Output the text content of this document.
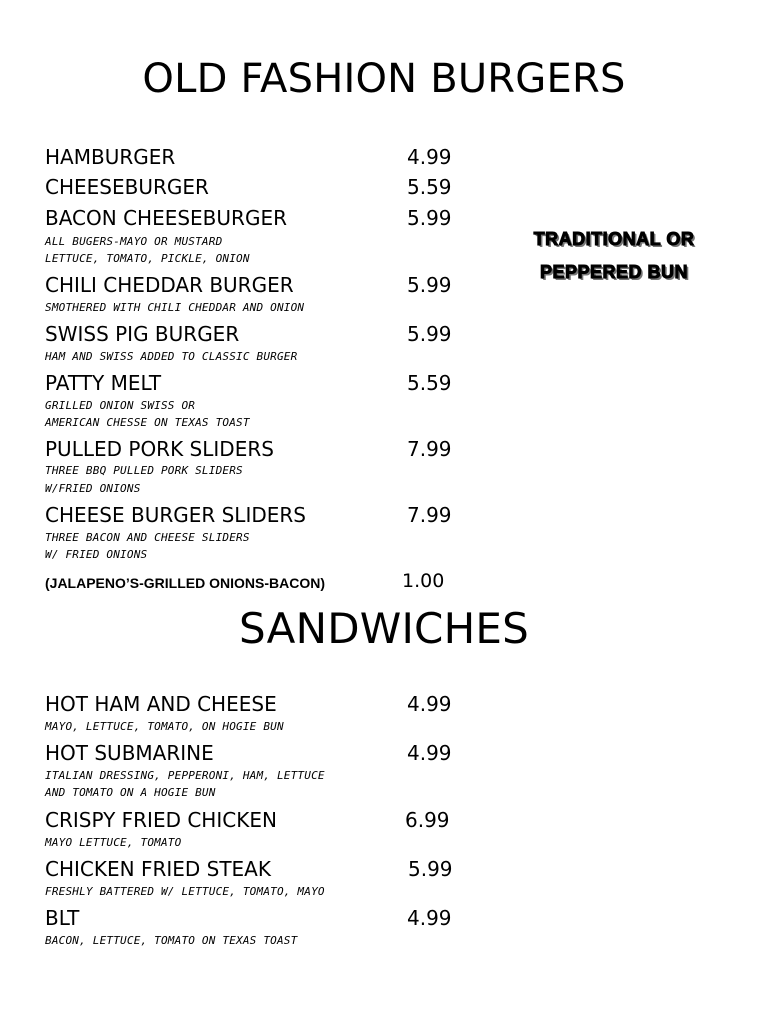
OLD FASHION BURGERS
HAMBURGER	4.99
CHEESEBURGER	5.59
BACON CHEESEBURGER	5.99
ALL BUGERS-MAYO OR MUSTARD
LETTUCE, TOMATO, PICKLE, ONION
CHILI CHEDDAR BURGER	5.99
SMOTHERED WITH CHILI CHEDDAR AND ONION
SWISS PIG BURGER	5.99
HAM AND SWISS ADDED TO CLASSIC BURGER
PATTY MELT	5.59
GRILLED ONION SWISS OR
AMERICAN CHESSE ON TEXAS TOAST
PULLED PORK SLIDERS	7.99
THREE BBQ PULLED PORK SLIDERS
W/FRIED ONIONS
CHEESE BURGER SLIDERS	7.99
THREE BACON AND CHEESE SLIDERS
W/ FRIED ONIONS
(JALAPENO’S-GRILLED ONIONS-BACON)	1.00
TRADITIONAL OR
PEPPERED BUN
SANDWICHES
HOT HAM AND CHEESE	4.99
MAYO, LETTUCE, TOMATO, ON HOGIE BUN
HOT SUBMARINE	4.99
ITALIAN DRESSING, PEPPERONI, HAM, LETTUCE
AND TOMATO ON A HOGIE BUN
CRISPY FRIED CHICKEN	6.99
MAYO LETTUCE, TOMATO
CHICKEN FRIED STEAK	5.99
FRESHLY BATTERED W/ LETTUCE, TOMATO, MAYO
BLT	4.99
BACON, LETTUCE, TOMATO ON TEXAS TOAST
